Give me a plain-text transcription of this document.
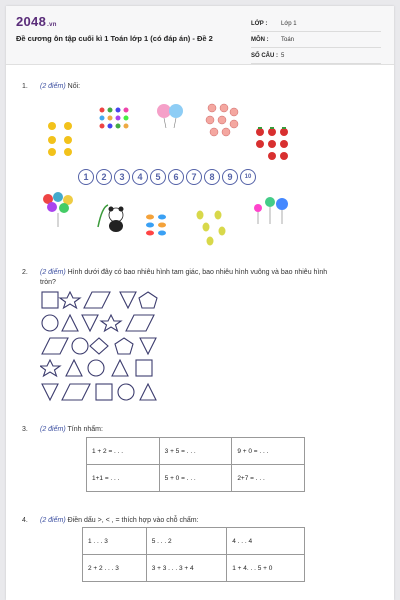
2048.vn
Đề cương ôn tập cuối kì 1 Toán lớp 1 (có đáp án) - Đề 2
LỚP :	Lớp 1
MÔN :	Toán
SỐ CÂU : 5
1. (2 điểm) Nối:
1	2	3	4	5	6	7	8	9	10
2. (2 điểm) Hình dưới đây có bao nhiêu hình tam giác, bao nhiêu hình vuông và bao nhiêu hình
tròn?
3. (2 điểm) Tính nhẩm:
1 + 2 = . . .	3 + 5 = . . .	9 + 0 = . . .
1+1 = . . .	5 + 0 = . . .	2+7 = . . .
4. (2 điểm) Điền dấu >, < , = thích hợp vào chỗ chấm:
1 . . . 3	5 . . . 2	4 . . . 4
2 + 2 . . . 3	3 + 3 . . . 3 + 4	1 + 4. . . 5 + 0
